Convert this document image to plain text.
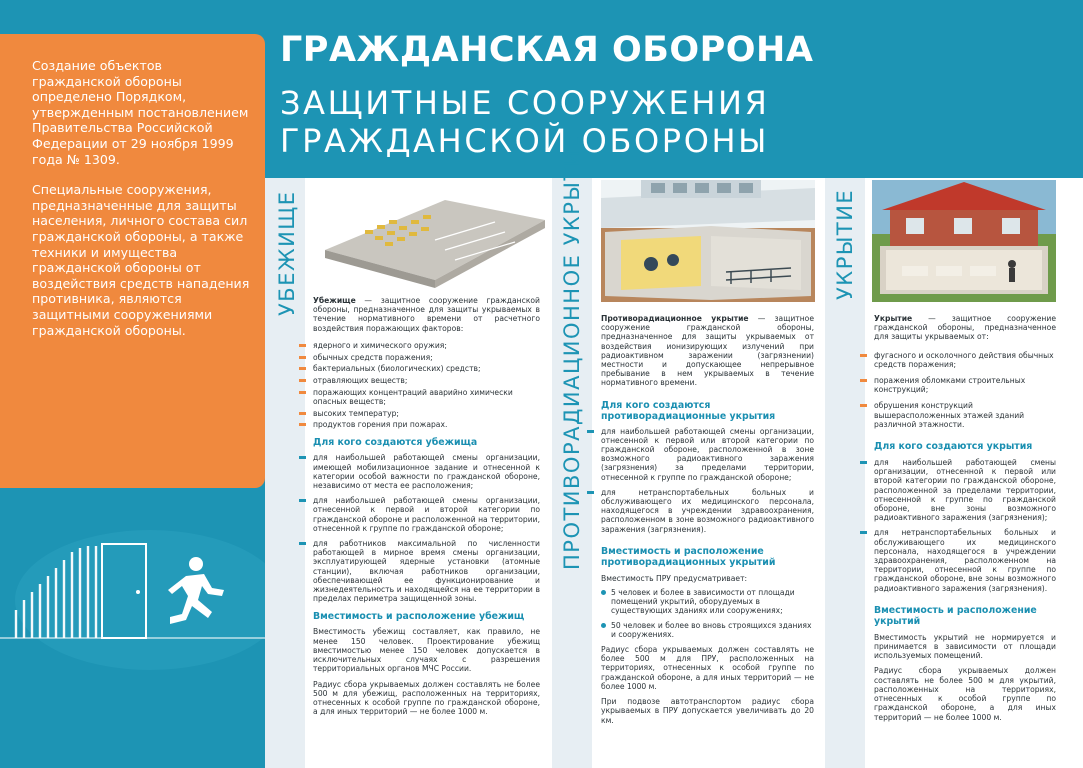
ГРАЖДАНСКАЯ ОБОРОНА
ЗАЩИТНЫЕ СООРУЖЕНИЯ ГРАЖДАНСКОЙ ОБОРОНЫ

Создание объектов гражданской обороны определено Порядком, утвержденным постановлением Правительства Российской Федерации от 29 ноября 1999 года № 1309.

Специальные сооружения, предназначенные для защиты населения, личного состава сил гражданской обороны, а также техники и имущества гражданской обороны от воздействия средств нападения противника, являются защитными сооружениями гражданской обороны.

УБЕЖИЩЕ Убежище — защитное сооружение гражданской обороны, предназначенное для защиты укрываемых в течение нормативного времени от расчетного воздействия поражающих факторов:

ядерного и химического оружия;
обычных средств поражения;
бактериальных (биологических) средств;
отравляющих веществ;
поражающих концентраций аварийно химически опасных веществ;
высоких температур;
продуктов горения при пожарах.
Для кого создаются убежища
для наибольшей работающей смены организации, имеющей мобилизационное задание и отнесенной к категории особой важности по гражданской обороне, независимо от места ее расположения;
для наибольшей работающей смены организации, отнесенной к первой и второй категории по гражданской обороне и расположенной на территории, отнесенной к группе по гражданской обороне;
для работников максимальной по численности работающей в мирное время смены организации, эксплуатирующей ядерные установки (атомные станции), включая работников организации, обеспечивающей ее функционирование и жизнедеятельность и находящейся на ее территории в пределах периметра защищенной зоны.
Вместимость и расположение убежищ

Вместимость убежищ составляет, как правило, не менее 150 человек. Проектирование убежищ вместимостью менее 150 человек допускается в исключительных случаях с разрешения территориальных органов МЧС России.

Радиус сбора укрываемых должен составлять не более 500 м для убежищ, расположенных на территориях, отнесенных к особой группе по гражданской обороне, а для иных территорий — не более 1000 м.

ПРОТИВОРАДИАЦИОННОЕ УКРЫТИЕ Противорадиационное укрытие — защитное сооружение гражданской обороны, предназначенное для защиты укрываемых от воздействия ионизирующих излучений при радиоактивном заражении (загрязнении) местности и допускающее непрерывное пребывание в нем укрываемых в течение нормативного времени.

Для кого создаются противорадиационные укрытия
для наибольшей работающей смены организации, отнесенной к первой или второй категории по гражданской обороне, расположенной в зоне возможного радиоактивного заражения (загрязнения) за пределами территории, отнесенной к группе по гражданской обороне;
для нетранспортабельных больных и обслуживающего их медицинского персонала, находящегося в учреждении здравоохранения, расположенном в зоне возможного радиоактивного заражения (загрязнения).
Вместимость и расположение противорадиационных укрытий

Вместимость ПРУ предусматривает:

5 человек и более в зависимости от площади помещений укрытий, оборудуемых в существующих зданиях или сооружениях;
50 человек и более во вновь строящихся зданиях и сооружениях.

Радиус сбора укрываемых должен составлять не более 500 м для ПРУ, расположенных на территориях, отнесенных к особой группе по гражданской обороне, а для иных территорий — не более 1000 м.

При подвозе автотранспортом радиус сбора укрываемых в ПРУ допускается увеличивать до 20 км.

УКРЫТИЕ

Укрытие — защитное сооружение гражданской обороны, предназначенное для защиты укрываемых от:

фугасного и осколочного действия обычных средств поражения;
поражения обломками строительных конструкций;
обрушения конструкций вышерасположенных этажей зданий различной этажности.
Для кого создаются укрытия
для наибольшей работающей смены организации, отнесенной к первой или второй категории по гражданской обороне, расположенной за пределами территории, отнесенной к группе по гражданской обороне, вне зоны возможного радиоактивного заражения (загрязнения);
для нетранспортабельных больных и обслуживающего их медицинского персонала, находящегося в учреждении здравоохранения, расположенном на территории, отнесенной к группе по гражданской обороне, вне зоны возможного радиоактивного заражения (загрязнения).
Вместимость и расположение укрытий

Вместимость укрытий не нормируется и принимается в зависимости от площади используемых помещений.

Радиус сбора укрываемых должен составлять не более 500 м для укрытий, расположенных на территориях, отнесенных к особой группе по гражданской обороне, а для иных территорий — не более 1000 м.
